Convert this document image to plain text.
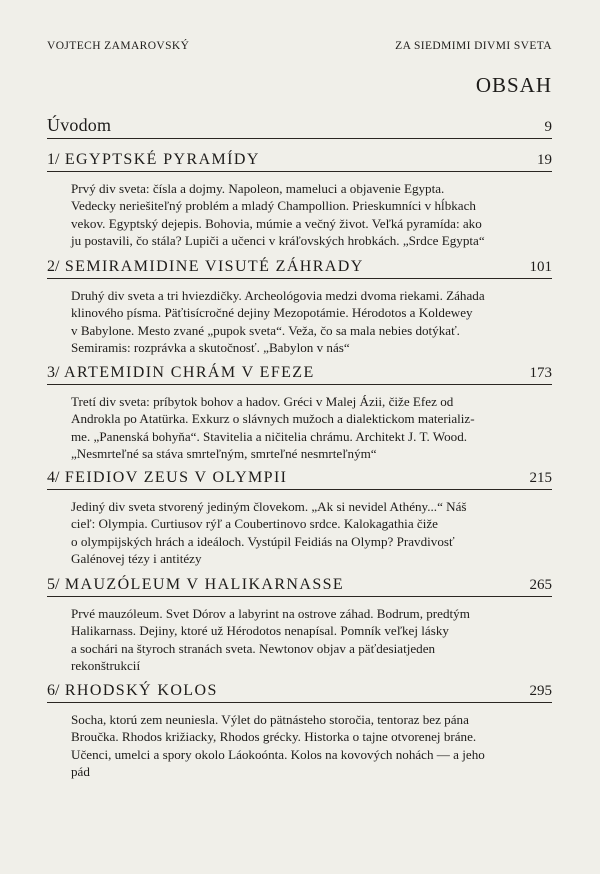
VOJTECH ZAMAROVSKÝ	ZA SIEDMIMI DIVMI SVETA
OBSAH
Úvodom	9
1/ EGYPTSKÉ PYRAMÍDY	19
Prvý div sveta: čísla a dojmy. Napoleon, mameluci a objavenie Egypta.
Vedecky neriešiteľný problém a mladý Champollion. Prieskumníci v hĺbkach
vekov. Egyptský dejepis. Bohovia, múmie a večný život. Veľká pyramída: ako
ju postavili, čo stála? Lupiči a učenci v kráľovských hrobkách. „Srdce Egypta“
2/ SEMIRAMIDINE VISUTÉ ZÁHRADY	101
Druhý div sveta a tri hviezdičky. Archeológovia medzi dvoma riekami. Záhada
klinového písma. Päťtisícročné dejiny Mezopotámie. Hérodotos a Koldewey
v Babylone. Mesto zvané „pupok sveta“. Veža, čo sa mala nebies dotýkať.
Semiramis: rozprávka a skutočnosť. „Babylon v nás“
3/ ARTEMIDIN CHRÁM V EFEZE	173
Tretí div sveta: príbytok bohov a hadov. Gréci v Malej Ázii, čiže Efez od
Androkla po Atatürka. Exkurz o slávnych mužoch a dialektickom materializ-
me. „Panenská bohyňa“. Stavitelia a ničitelia chrámu. Architekt J. T. Wood.
„Nesmrteľné sa stáva smrteľným, smrteľné nesmrteľným“
4/ FEIDIOV ZEUS V OLYMPII	215
Jediný div sveta stvorený jediným človekom. „Ak si nevidel Athény...“ Náš
cieľ: Olympia. Curtiusov rýľ a Coubertinovo srdce. Kalokagathia čiže
o olympijských hrách a ideáloch. Vystúpil Feidiás na Olymp? Pravdivosť
Galénovej tézy i antitézy
5/ MAUZÓLEUM V HALIKARNASSE	265
Prvé mauzóleum. Svet Dórov a labyrint na ostrove záhad. Bodrum, predtým
Halikarnass. Dejiny, ktoré už Hérodotos nenapísal. Pomník veľkej lásky
a sochári na štyroch stranách sveta. Newtonov objav a päťdesiatjeden
rekonštrukcií
6/ RHODSKÝ KOLOS	295
Socha, ktorú zem neuniesla. Výlet do pätnásteho storočia, tentoraz bez pána
Broučka. Rhodos križiacky, Rhodos grécky. Historka o tajne otvorenej bráne.
Učenci, umelci a spory okolo Láokoónta. Kolos na kovových nohách — a jeho
pád
